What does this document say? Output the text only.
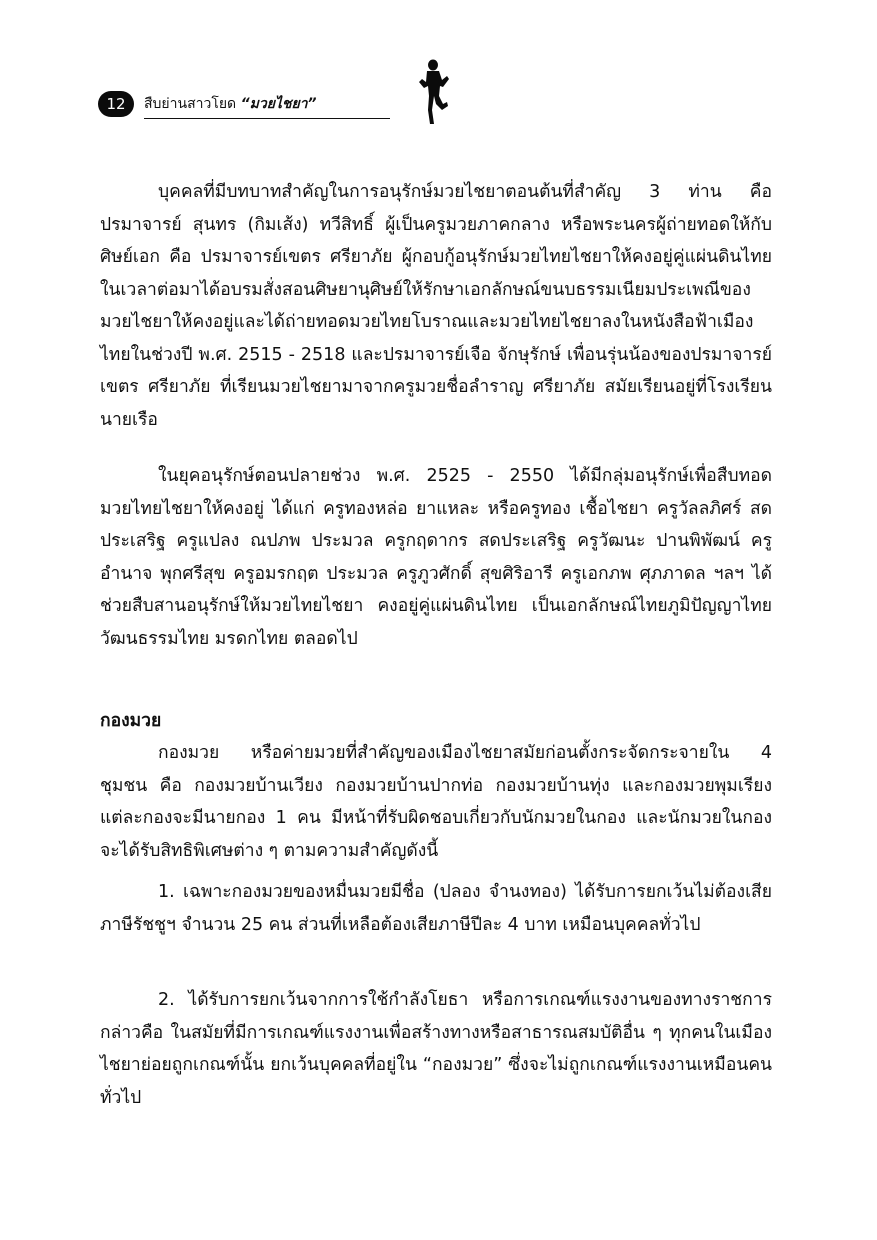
12	สืบย่านสาวโยด “มวยไชยา”

บุคคลที่มีบทบาทสำคัญในการอนุรักษ์มวยไชยาตอนต้นที่สำคัญ 3 ท่าน คือ ปรมาจารย์ สุนทร (กิมเส้ง) ทวีสิทธิ์ ผู้เป็นครูมวยภาคกลาง หรือพระนครผู้ถ่ายทอดให้กับศิษย์เอก คือ ปรมาจารย์เขตร ศรียาภัย ผู้กอบกู้อนุรักษ์มวยไทยไชยาให้คงอยู่คู่แผ่นดินไทย ในเวลาต่อมาได้อบรมสั่งสอนศิษยานุศิษย์ให้รักษาเอกลักษณ์ขนบธรรมเนียมประเพณีของมวยไชยาให้คงอยู่และได้ถ่ายทอดมวยไทยโบราณและมวยไทยไชยาลงในหนังสือฟ้าเมืองไทยในช่วงปี พ.ศ. 2515 - 2518 และปรมาจารย์เจือ จักษุรักษ์ เพื่อนรุ่นน้องของปรมาจารย์เขตร ศรียาภัย ที่เรียนมวยไชยามาจากครูมวยชื่อลำราญ ศรียาภัย สมัยเรียนอยู่ที่โรงเรียนนายเรือ

ในยุคอนุรักษ์ตอนปลายช่วง พ.ศ. 2525 - 2550 ได้มีกลุ่มอนุรักษ์เพื่อสืบทอดมวยไทยไชยาให้คงอยู่ ได้แก่ ครูทองหล่อ ยาแหละ หรือครูทอง เชื้อไชยา ครูวัลลภิศร์ สดประเสริฐ ครูแปลง ณปภพ ประมวล ครูกฤดากร สดประเสริฐ ครูวัฒนะ ปานพิพัฒน์ ครูอำนาจ พุกศรีสุข ครูอมรกฤต ประมวล ครูภูวศักดิ์ สุขศิริอารี ครูเอกภพ ศุภภาดล ฯลฯ ได้ช่วยสืบสานอนุรักษ์ให้มวยไทยไชยา คงอยู่คู่แผ่นดินไทย เป็นเอกลักษณ์ไทยภูมิปัญญาไทย วัฒนธรรมไทย มรดกไทย ตลอดไป

กองมวย

กองมวย หรือค่ายมวยที่สำคัญของเมืองไชยาสมัยก่อนตั้งกระจัดกระจายใน 4 ชุมชน คือ กองมวยบ้านเวียง กองมวยบ้านปากท่อ กองมวยบ้านทุ่ง และกองมวยพุมเรียง แต่ละกองจะมีนายกอง 1 คน มีหน้าที่รับผิดชอบเกี่ยวกับนักมวยในกอง และนักมวยในกองจะได้รับสิทธิพิเศษต่าง ๆ ตามความสำคัญดังนี้

1. เฉพาะกองมวยของหมื่นมวยมีชื่อ (ปลอง จำนงทอง) ได้รับการยกเว้นไม่ต้องเสียภาษีรัชชูฯ จำนวน 25 คน ส่วนที่เหลือต้องเสียภาษีปีละ 4 บาท เหมือนบุคคลทั่วไป

2. ได้รับการยกเว้นจากการใช้กำลังโยธา หรือการเกณฑ์แรงงานของทางราชการ กล่าวคือ ในสมัยที่มีการเกณฑ์แรงงานเพื่อสร้างทางหรือสาธารณสมบัติอื่น ๆ ทุกคนในเมืองไชยาย่อยถูกเกณฑ์นั้น ยกเว้นบุคคลที่อยู่ใน “กองมวย” ซึ่งจะไม่ถูกเกณฑ์แรงงานเหมือนคนทั่วไป
